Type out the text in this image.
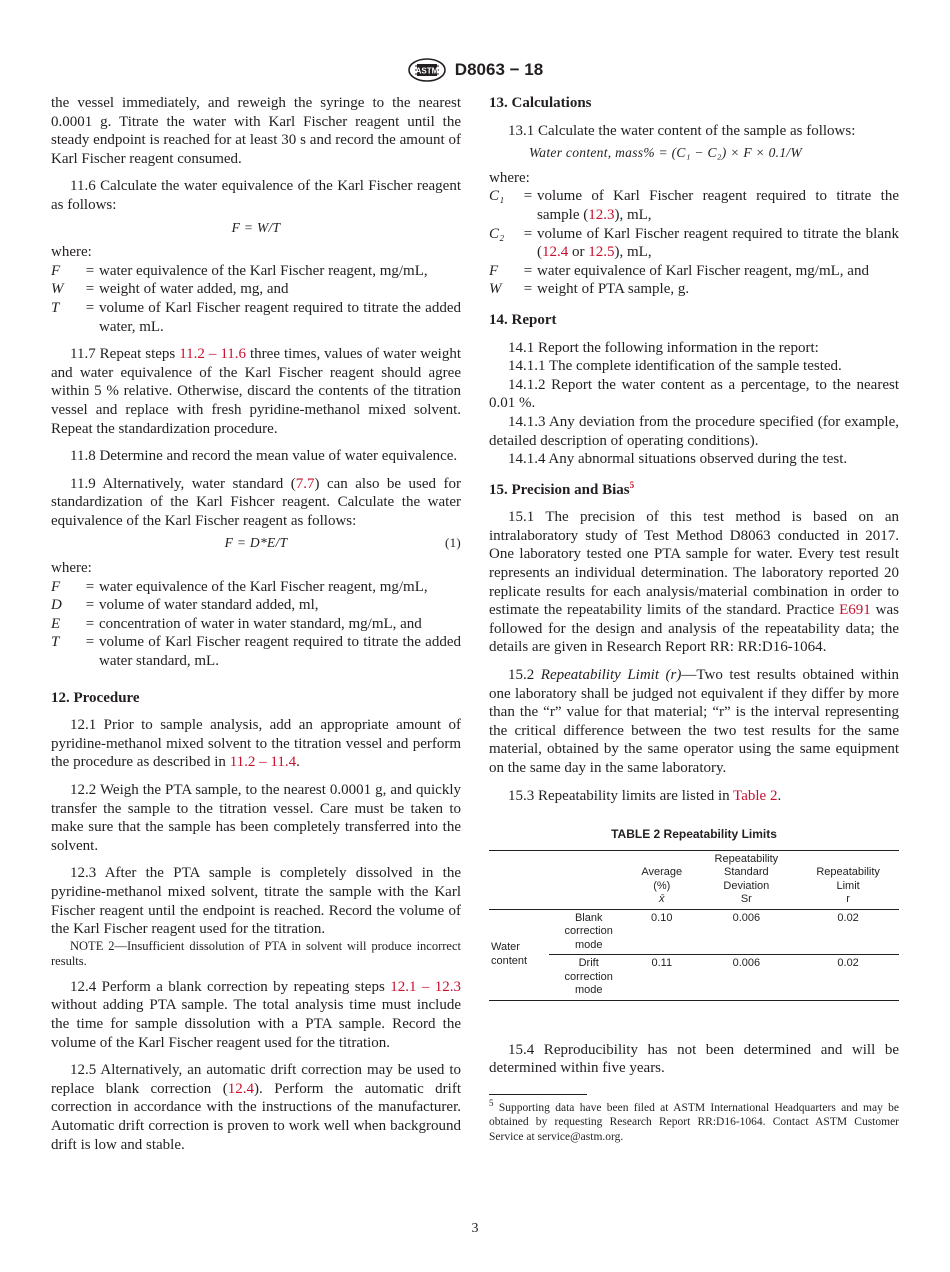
ASTM D8063 − 18

the vessel immediately, and reweigh the syringe to the nearest 0.0001 g. Titrate the water with Karl Fischer reagent until the steady endpoint is reached for at least 30 s and record the amount of Karl Fischer reagent consumed.

11.6 Calculate the water equivalence of the Karl Fischer reagent as follows:

F = W/T

where:

F	= water equivalence of the Karl Fischer reagent, mg/mL,
W	= weight of water added, mg, and
T	= volume of Karl Fischer reagent required to titrate the added water, mL.

11.7 Repeat steps 11.2 – 11.6 three times, values of water weight and water equivalence of the Karl Fischer reagent should agree within 5 % relative. Otherwise, discard the contents of the titration vessel and replace with fresh pyridine-methanol mixed solvent. Repeat the standardization procedure.

11.8 Determine and record the mean value of water equivalence.

11.9 Alternatively, water standard (7.7) can also be used for standardization of the Karl Fishcer reagent. Calculate the water equivalence of the Karl Fischer reagent as follows:

F = D*E/T	(1)

where:

F	= water equivalence of the Karl Fischer reagent, mg/mL,
D	= volume of water standard added, ml,
E	= concentration of water in water standard, mg/mL, and
T	= volume of Karl Fischer reagent required to titrate the added water standard, mL.

12. Procedure

12.1 Prior to sample analysis, add an appropriate amount of pyridine-methanol mixed solvent to the titration vessel and perform the procedure as described in 11.2 – 11.4.

12.2 Weigh the PTA sample, to the nearest 0.0001 g, and quickly transfer the sample to the titration vessel. Care must be taken to make sure that the sample has been completely transferred into the solvent.

12.3 After the PTA sample is completely dissolved in the pyridine-methanol mixed solvent, titrate the sample with the Karl Fischer reagent until the endpoint is reached. Record the volume of the Karl Fischer reagent used for the titration.

NOTE 2—Insufficient dissolution of PTA in solvent will produce incorrect results.

12.4 Perform a blank correction by repeating steps 12.1 – 12.3 without adding PTA sample. The total analysis time must include the time for sample dissolution with a PTA sample. Record the volume of the Karl Fischer reagent used for the titration.

12.5 Alternatively, an automatic drift correction may be used to replace blank correction (12.4). Perform the automatic drift correction in accordance with the instructions of the manufacturer. Automatic drift correction is proven to work well when background drift is low and stable.

13. Calculations

13.1 Calculate the water content of the sample as follows:

Water content, mass% = (C₁ − C₂) × F × 0.1/W

where:

C₁	= volume of Karl Fischer reagent required to titrate the sample (12.3), mL,
C₂	= volume of Karl Fischer reagent required to titrate the blank (12.4 or 12.5), mL,
F	= water equivalence of Karl Fischer reagent, mg/mL, and
W	= weight of PTA sample, g.

14. Report

14.1 Report the following information in the report:

14.1.1 The complete identification of the sample tested.

14.1.2 Report the water content as a percentage, to the nearest 0.01 %.

14.1.3 Any deviation from the procedure specified (for example, detailed description of operating conditions).

14.1.4 Any abnormal situations observed during the test.

15. Precision and Bias$^5$

15.1 The precision of this test method is based on an intralaboratory study of Test Method D8063 conducted in 2017. One laboratory tested one PTA sample for water. Every test result represents an individual determination. The laboratory reported 20 replicate results for each analysis/material combination in order to estimate the repeatability limits of the standard. Practice E691 was followed for the design and analysis of the repeatability data; the details are given in Research Report RR: RR:D16-1064.

15.2 Repeatability Limit (r)—Two test results obtained within one laboratory shall be judged not equivalent if they differ by more than the “r” value for that material; “r” is the interval representing the critical difference between the two test results for the same material, obtained by the same operator using the same equipment on the same day in the same laboratory.

15.3 Repeatability limits are listed in Table 2.

TABLE 2 Repeatability Limits

		Average
(%)
x̄	Repeatability
Standard
Deviation
Sr	Repeatability
Limit
r
Water
content	Blank
correction
mode	0.10	0.006	0.02
	Drift
correction
mode	0.11	0.006	0.02

15.4 Reproducibility has not been determined and will be determined within five years.

$^5$ Supporting data have been filed at ASTM International Headquarters and may be obtained by requesting Research Report RR:D16-1064. Contact ASTM Customer Service at service@astm.org.

3
